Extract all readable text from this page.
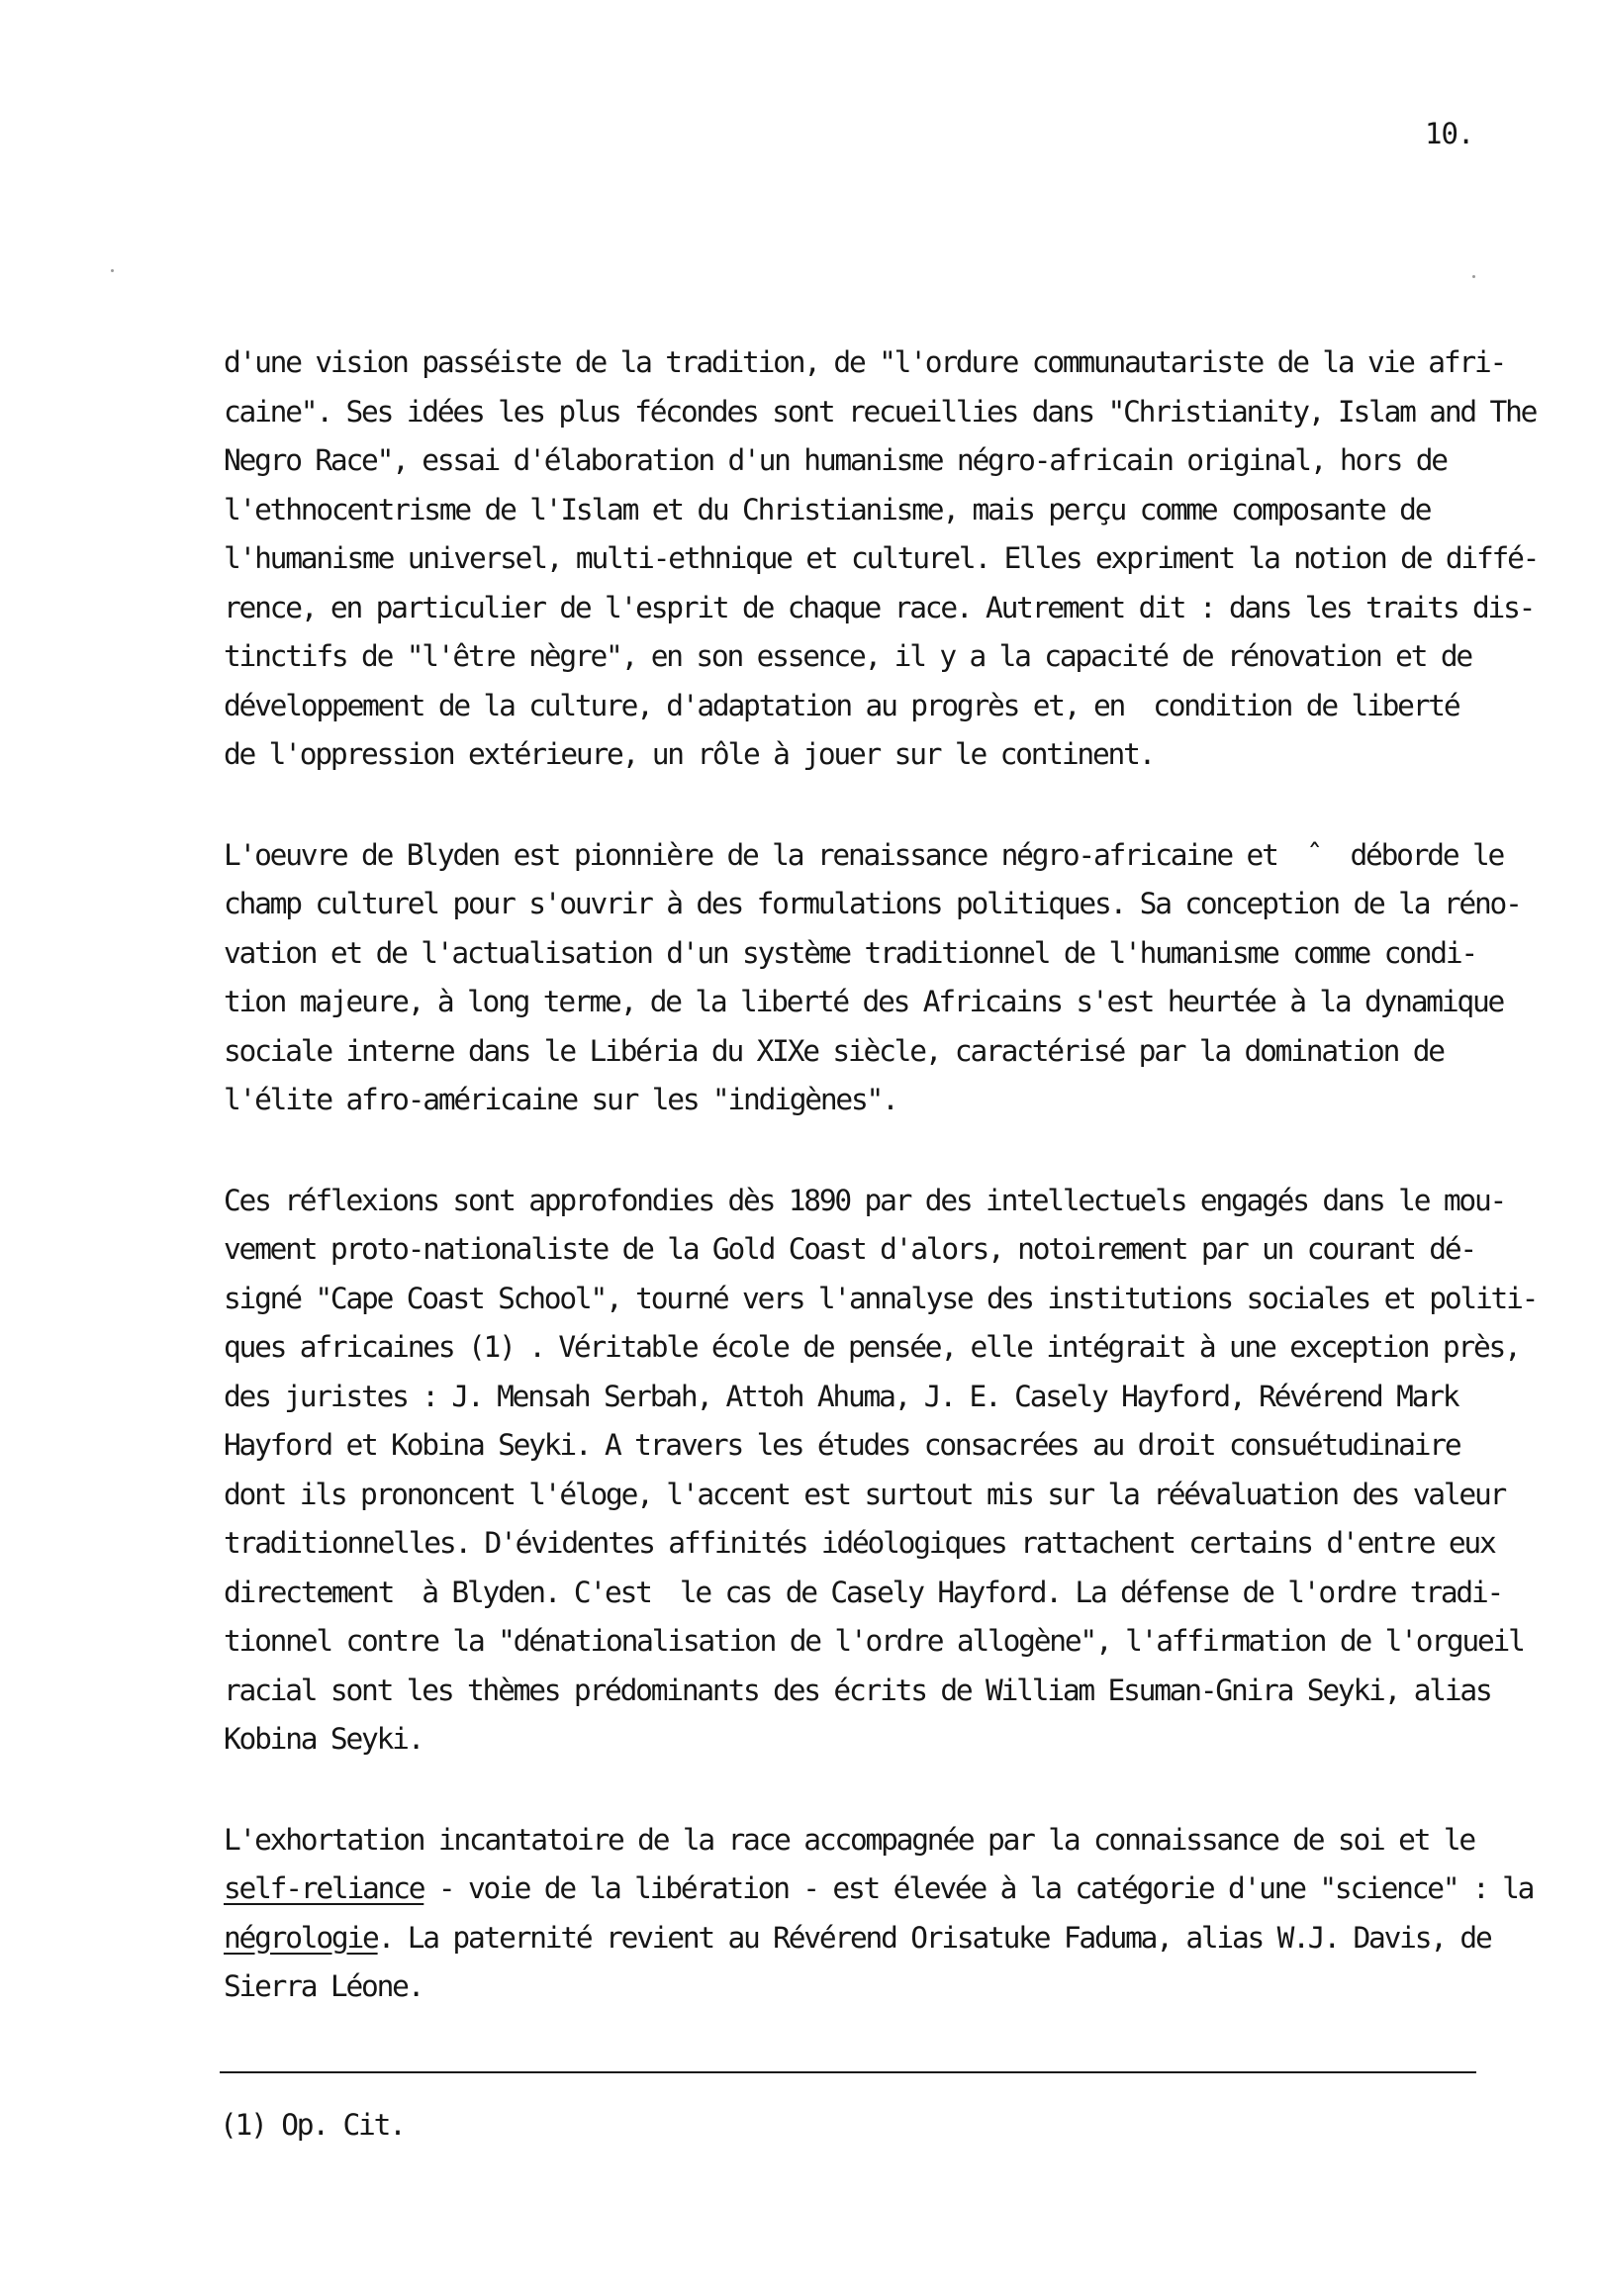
10.
d'une vision passéiste de la tradition, de "l'ordure communautariste de la vie afri-
caine". Ses idées les plus fécondes sont recueillies dans "Christianity, Islam and The
Negro Race", essai d'élaboration d'un humanisme négro-africain original, hors de
l'ethnocentrisme de l'Islam et du Christianisme, mais perçu comme composante de
l'humanisme universel, multi-ethnique et culturel. Elles expriment la notion de diffé-
rence, en particulier de l'esprit de chaque race. Autrement dit : dans les traits dis-
tinctifs de "l'être nègre", en son essence, il y a la capacité de rénovation et de
développement de la culture, d'adaptation au progrès et, en  condition de liberté
de l'oppression extérieure, un rôle à jouer sur le continent.
L'oeuvre de Blyden est pionnière de la renaissance négro-africaine et  ˆ  déborde le
champ culturel pour s'ouvrir à des formulations politiques. Sa conception de la réno-
vation et de l'actualisation d'un système traditionnel de l'humanisme comme condi-
tion majeure, à long terme, de la liberté des Africains s'est heurtée à la dynamique
sociale interne dans le Libéria du XIXe siècle, caractérisé par la domination de
l'élite afro-américaine sur les "indigènes".
Ces réflexions sont approfondies dès 1890 par des intellectuels engagés dans le mou-
vement proto-nationaliste de la Gold Coast d'alors, notoirement par un courant dé-
signé "Cape Coast School", tourné vers l'annalyse des institutions sociales et politi-
ques africaines (1) . Véritable école de pensée, elle intégrait à une exception près,
des juristes : J. Mensah Serbah, Attoh Ahuma, J. E. Casely Hayford, Révérend Mark
Hayford et Kobina Seyki. A travers les études consacrées au droit consuétudinaire
dont ils prononcent l'éloge, l'accent est surtout mis sur la réévaluation des valeur
traditionnelles. D'évidentes affinités idéologiques rattachent certains d'entre eux
directement  à Blyden. C'est  le cas de Casely Hayford. La défense de l'ordre tradi-
tionnel contre la "dénationalisation de l'ordre allogène", l'affirmation de l'orgueil
racial sont les thèmes prédominants des écrits de William Esuman-Gnira Seyki, alias
Kobina Seyki.
L'exhortation incantatoire de la race accompagnée par la connaissance de soi et le
self-reliance - voie de la libération - est élevée à la catégorie d'une "science" : la
négrologie. La paternité revient au Révérend Orisatuke Faduma, alias W.J. Davis, de
Sierra Léone.
(1) Op. Cit.
